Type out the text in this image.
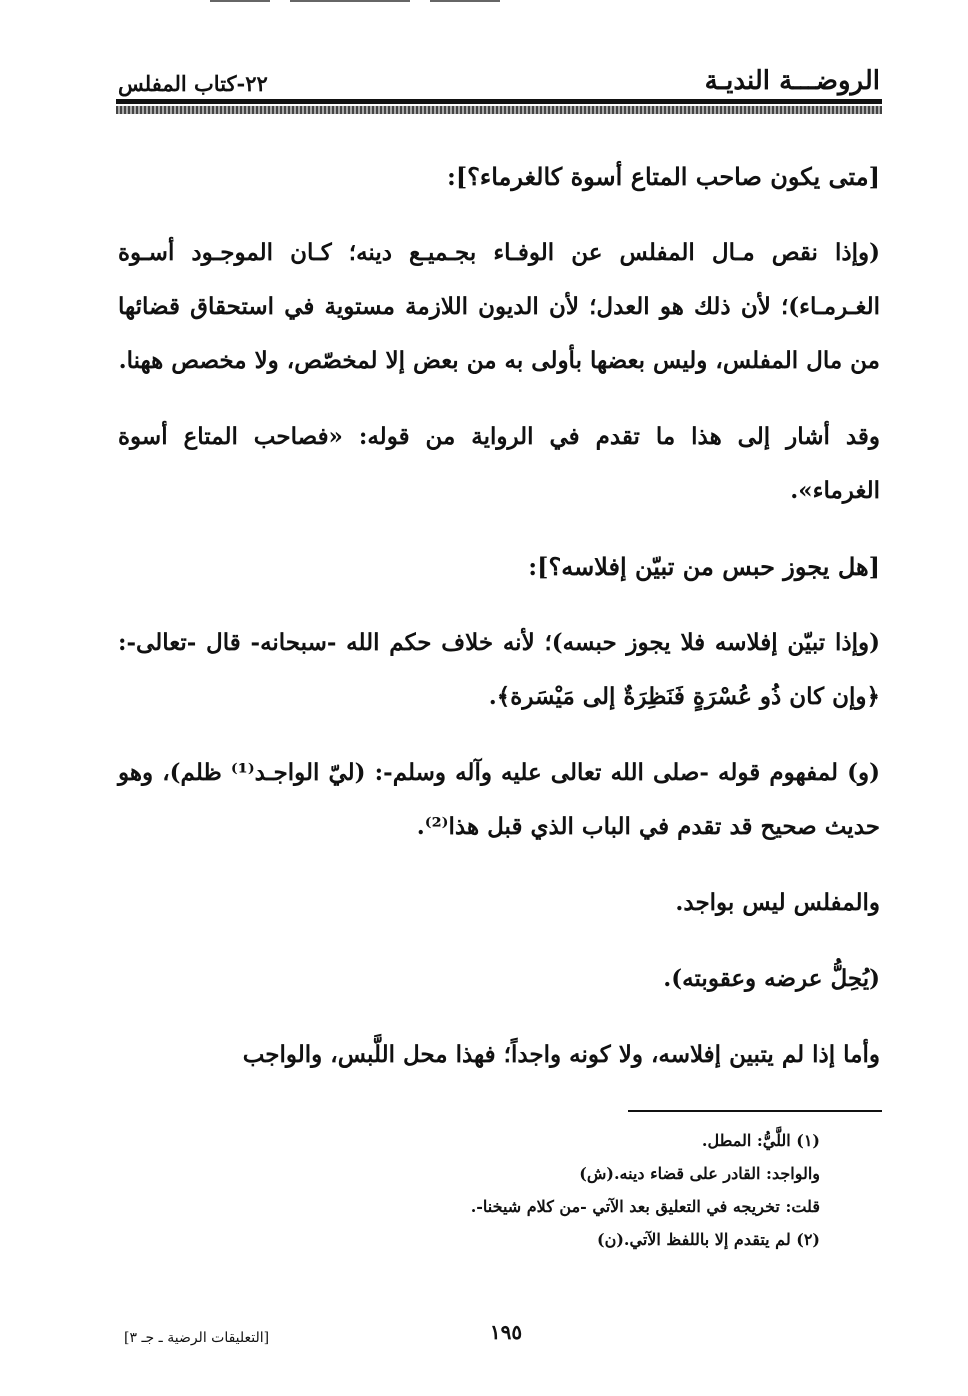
٢٢-كتاب المفلس	الروضـــة النديـة

[متى يكون صاحب المتاع أسوة كالغرماء؟]:

(وإذا نقص مـال المفلس عن الوفـاء بجـميـع دينه؛ كـان الموجـود أسـوة الغـرمـاء)؛ لأن ذلك هو العدل؛ لأن الديون اللازمة مستوية في استحقاق قضائها من مال المفلس، وليس بعضها بأولى به من بعض إلا لمخصّص، ولا مخصص ههنا.

وقد أشار إلى هذا ما تقدم في الرواية من قوله: «فصاحب المتاع أسوة الغرماء».

[هل يجوز حبس من تبيّن إفلاسه؟]:

(وإذا تبيّن إفلاسه فلا يجوز حبسه)؛ لأنه خلاف حكم الله -سبحانه- قال -تعالى-: ﴿وإن كان ذُو عُسْرَةٍ فَنَظِرَةٌ إلى مَيْسَرة﴾.

(و) لمفهوم قوله -صلى الله تعالى عليه وآله وسلم-: (ليّ الواجـد⁽¹⁾ ظلم)، وهو حديث صحيح قد تقدم في الباب الذي قبل هذا⁽²⁾.

والمفلس ليس بواجد.

(يُحِلُّ عرضه وعقوبته).

وأما إذا لم يتبين إفلاسه، ولا كونه واجداً؛ فهذا محل اللَّبس، والواجب

(١) اللَّيُّ: المطل.
والواجد: القادر على قضاء دينه.(ش)
قلت: تخريجه في التعليق بعد الآتي -من كلام شيخنا-.
(٢) لم يتقدم إلا باللفظ الآتي.(ن)
١٩٥
[التعليقات الرضية ـ جـ ٣]
